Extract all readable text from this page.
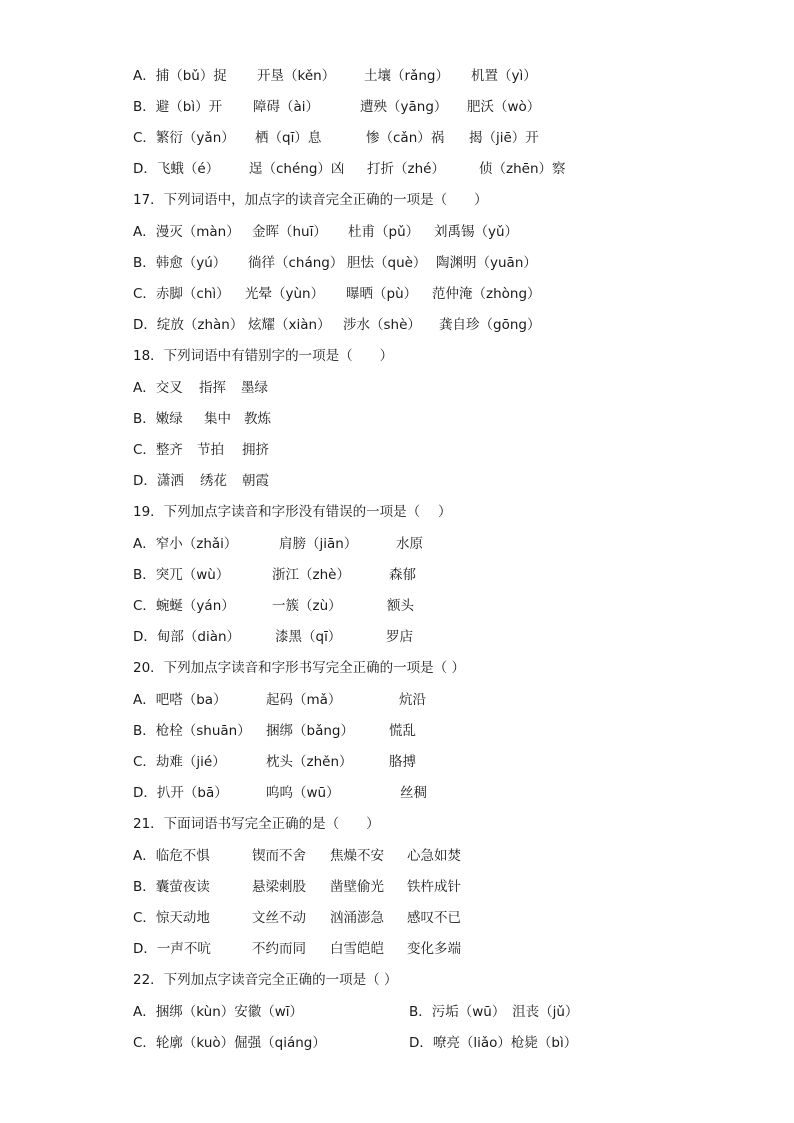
A．捕（bǔ）捉 开垦（kěn） 土壤（rǎng） 机置（yì）
B．避（bì）开 障碍（ài）	遭殃（yāng） 肥沃（wò）
C．繁衍（yǎn） 栖（qī）息	惨（cǎn）祸 揭（jiē）开
D．飞蛾（é） 逞（chéng）凶 打折（zhé）	侦（zhēn）察
17．下列词语中，加点字的读音完全正确的一项是（　　）
A．漫灭（màn） 金晖（huī） 杜甫（pǔ） 刘禹锡（yǔ）
B．韩愈（yú） 徜徉（cháng） 胆怯（què） 陶渊明（yuān）
C．赤脚（chì） 光晕（yùn） 曝晒（pù） 范仲淹（zhòng）
D．绽放（zhàn） 炫耀（xiàn） 涉水（shè） 龚自珍（gōng）
18．下列词语中有错别字的一项是（　　）
A．交叉 指挥 墨绿
B．嫩绿 集中 教炼
C．整齐 节拍 拥挤
D．潇洒 绣花 朝霞
19．下列加点字读音和字形没有错误的一项是（　 ）
A．窄小（zhǎi）	肩膀（jiān）	水原
B．突兀（wù）	浙江（zhè）	森郁
C．蜿蜒（yán）	一簇（zù）	额头
D．甸部（diàn）	漆黑（qī）	罗店
20．下列加点字读音和字形书写完全正确的一项是（ ）
A．吧嗒（ba）	起码（mǎ）	炕沿
B．枪栓（shuān） 捆绑（bǎng）	慌乱
C．劫难（jié）	枕头（zhěn）	胳搏
D．扒开（bā）	呜呜（wū）	丝稠
21．下面词语书写完全正确的是（　　）
A．临危不惧	锲而不舍 焦燥不安 心急如焚
B．囊萤夜读	悬梁刺股 凿壁偷光 铁杵成针
C．惊天动地	文丝不动 汹涌澎急 感叹不已
D．一声不吭	不约而同 白雪皑皑 变化多端
22．下列加点字读音完全正确的一项是（ ）
A．捆绑（kùn）安徽（wī）	B．污垢（wū）　沮丧（jǔ）
C．轮廓（kuò）倔强（qiáng）	D．嘹亮（liǎo）枪毙（bì）
